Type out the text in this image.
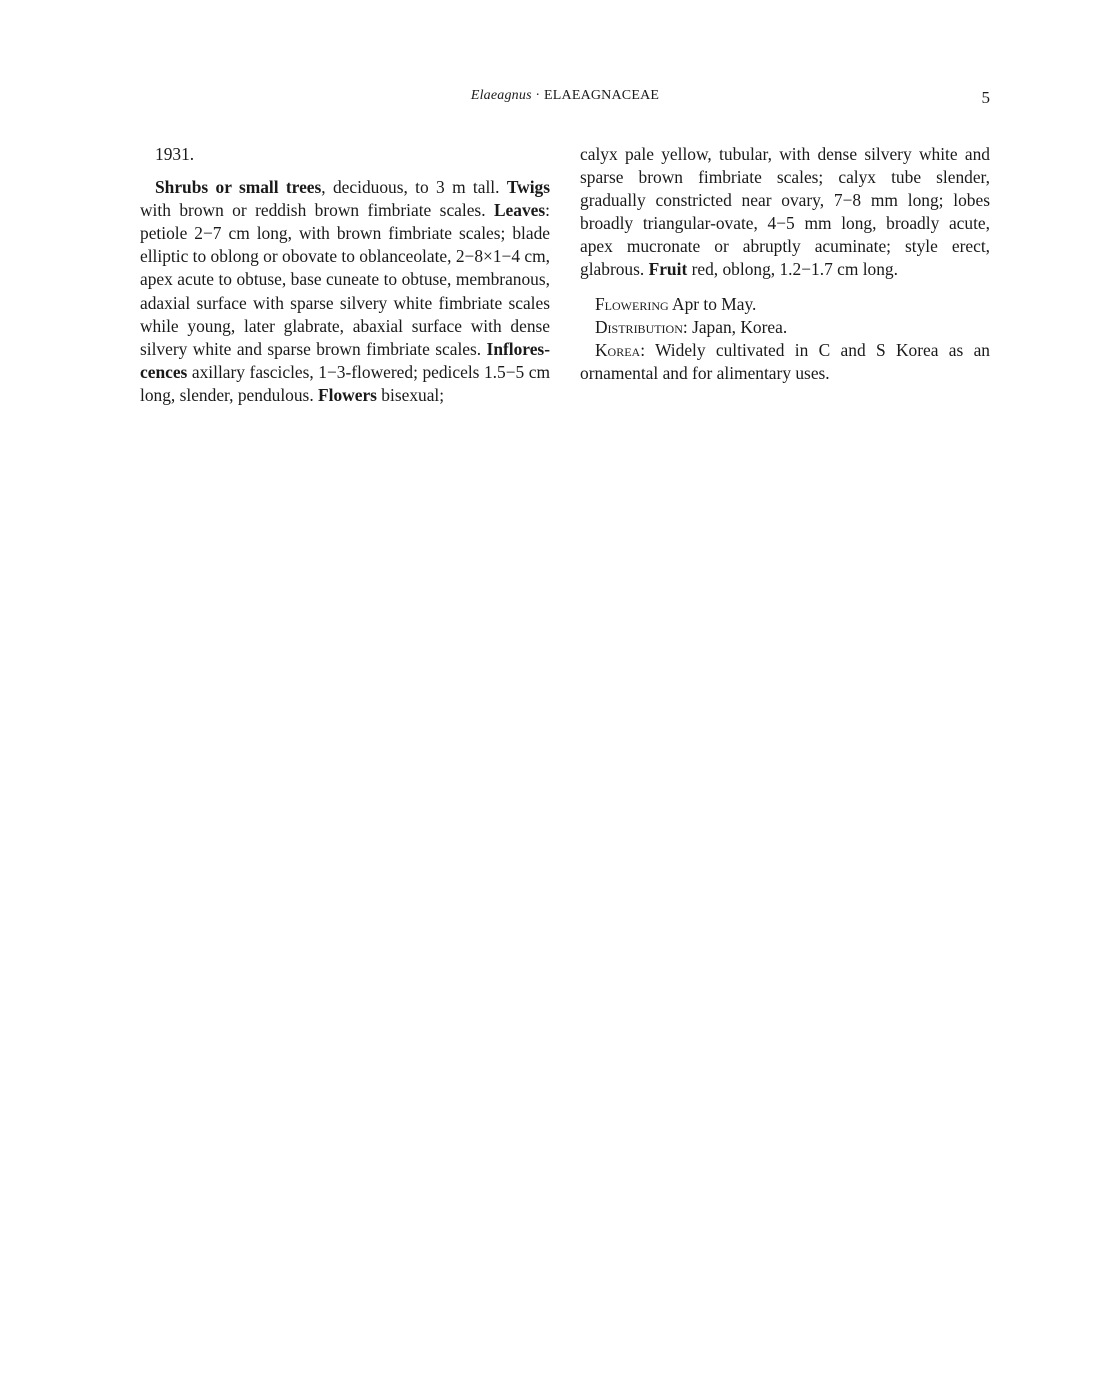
Elaeagnus · ELAEAGNACEAE	5

1931.

Shrubs or small trees, deciduous, to 3 m tall. Twigs with brown or reddish brown fimbriate scales. Leaves: petiole 2−7 cm long, with brown fimbriate scales; blade elliptic to oblong or obovate to oblanceolate, 2−8×1−4 cm, apex acute to obtuse, base cuneate to obtuse, membranous, adaxial surface with sparse silvery white fimbriate scales while young, later glabrate, abaxial surface with dense silvery white and sparse brown fimbriate scales. Inflorescences axillary fascicles, 1−3-flowered; pedicels 1.5−5 cm long, slender, pendulous. Flowers bisexual;

calyx pale yellow, tubular, with dense silvery white and sparse brown fimbriate scales; calyx tube slender, gradually constricted near ovary, 7−8 mm long; lobes broadly triangular-ovate, 4−5 mm long, broadly acute, apex mucronate or abruptly acuminate; style erect, glabrous. Fruit red, oblong, 1.2−1.7 cm long.

Flowering Apr to May.

Distribution: Japan, Korea.

Korea: Widely cultivated in C and S Korea as an ornamental and for alimentary uses.
